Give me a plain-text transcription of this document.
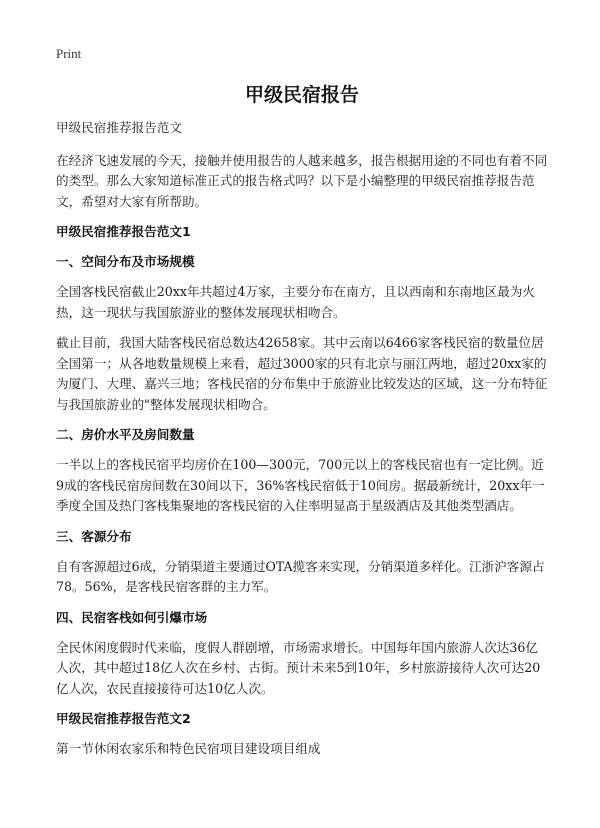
Print
甲级民宿报告

甲级民宿推荐报告范文

在经济飞速发展的今天，接触并使用报告的人越来越多，报告根据用途的不同也有着不同的类型。那么大家知道标准正式的报告格式吗？以下是小编整理的甲级民宿推荐报告范文，希望对大家有所帮助。

甲级民宿推荐报告范文1

一、空间分布及市场规模

全国客栈民宿截止20xx年共超过4万家，主要分布在南方，且以西南和东南地区最为火热，这一现状与我国旅游业的整体发展现状相吻合。

截止目前，我国大陆客栈民宿总数达42658家。其中云南以6466家客栈民宿的数量位居全国第一；从各地数量规模上来看，超过3000家的只有北京与丽江两地，超过20xx家的为厦门、大理、嘉兴三地；客栈民宿的分布集中于旅游业比较发达的区域，这一分布特征与我国旅游业的"整体发展现状相吻合。

二、房价水平及房间数量

一半以上的客栈民宿平均房价在100—300元，700元以上的客栈民宿也有一定比例。近9成的客栈民宿房间数在30间以下，36%客栈民宿低于10间房。据最新统计，20xx年一季度全国及热门客栈集聚地的客栈民宿的入住率明显高于星级酒店及其他类型酒店。

三、客源分布

自有客源超过6成，分销渠道主要通过OTA揽客来实现，分销渠道多样化。江浙沪客源占78。56%，是客栈民宿客群的主力军。

四、民宿客栈如何引爆市场

全民休闲度假时代来临，度假人群剧增，市场需求增长。中国每年国内旅游人次达36亿人次，其中超过18亿人次在乡村、古街。预计未来5到10年，乡村旅游接待人次可达20亿人次，农民直接接待可达10亿人次。

甲级民宿推荐报告范文2

第一节休闲农家乐和特色民宿项目建设项目组成
